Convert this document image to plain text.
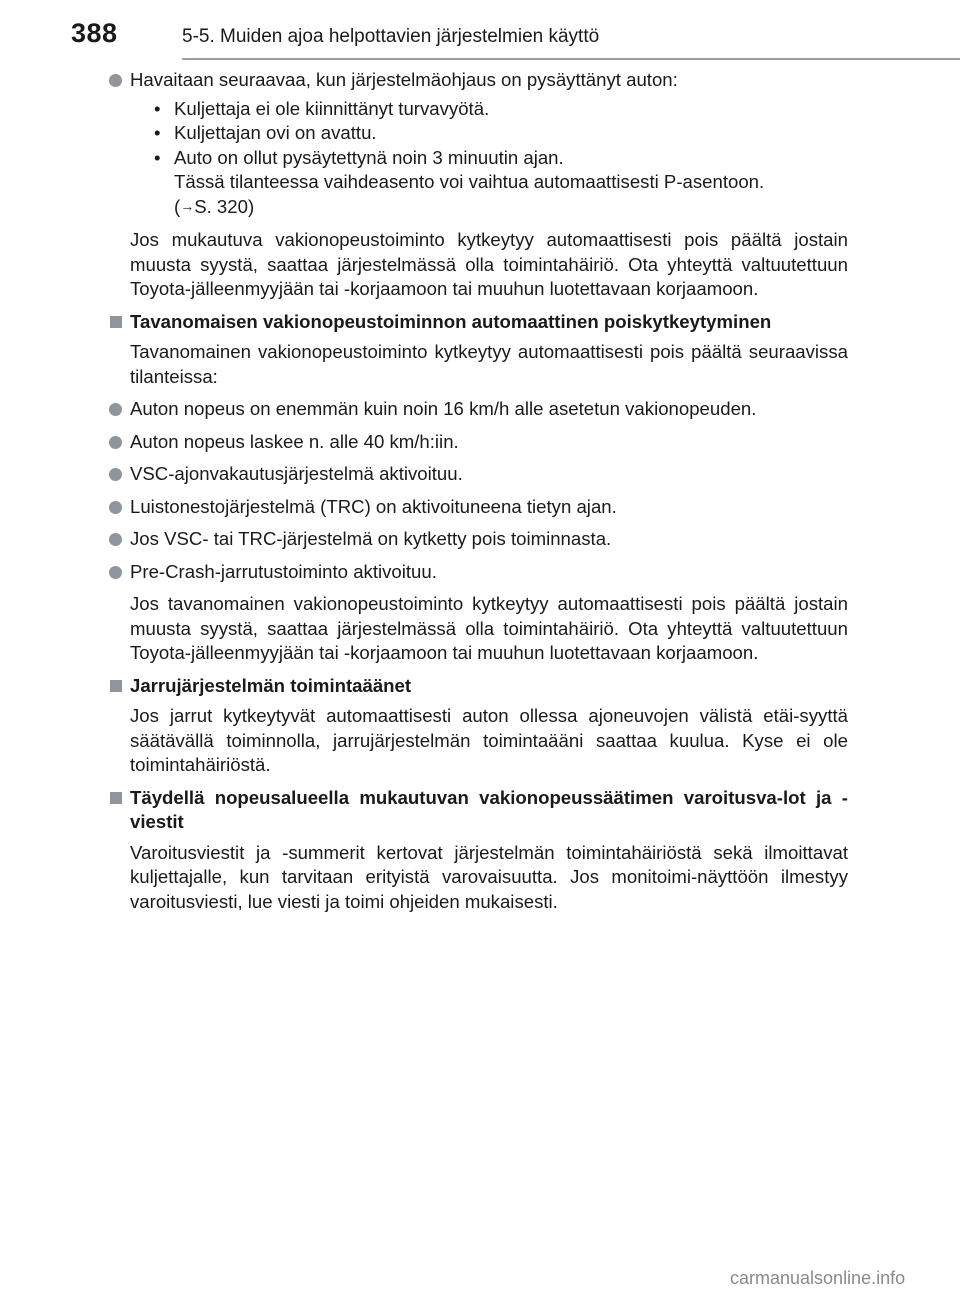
388	5-5. Muiden ajoa helpottavien järjestelmien käyttö
Havaitaan seuraavaa, kun järjestelmäohjaus on pysäyttänyt auton:
• Kuljettaja ei ole kiinnittänyt turvavyötä.
• Kuljettajan ovi on avattu.
• Auto on ollut pysäytettynä noin 3 minuutin ajan.
Tässä tilanteessa vaihdeasento voi vaihtua automaattisesti P-asentoon.
(→S. 320)
Jos mukautuva vakionopeustoiminto kytkeytyy automaattisesti pois päältä jostain muusta syystä, saattaa järjestelmässä olla toimintahäiriö. Ota yhteyttä valtuutettuun Toyota-jälleenmyyjään tai -korjaamoon tai muuhun luotettavaan korjaamoon.
Tavanomaisen vakionopeustoiminnon automaattinen poiskytkeytyminen
Tavanomainen vakionopeustoiminto kytkeytyy automaattisesti pois päältä seuraavissa tilanteissa:
Auton nopeus on enemmän kuin noin 16 km/h alle asetetun vakionopeuden.
Auton nopeus laskee n. alle 40 km/h:iin.
VSC-ajonvakautusjärjestelmä aktivoituu.
Luistonestojärjestelmä (TRC) on aktivoituneena tietyn ajan.
Jos VSC- tai TRC-järjestelmä on kytketty pois toiminnasta.
Pre-Crash-jarrutustoiminto aktivoituu.
Jos tavanomainen vakionopeustoiminto kytkeytyy automaattisesti pois päältä jostain muusta syystä, saattaa järjestelmässä olla toimintahäiriö. Ota yhteyttä valtuutettuun Toyota-jälleenmyyjään tai -korjaamoon tai muuhun luotettavaan korjaamoon.
Jarrujärjestelmän toimintaäänet
Jos jarrut kytkeytyvät automaattisesti auton ollessa ajoneuvojen välistä etäi-syyttä säätävällä toiminnolla, jarrujärjestelmän toimintaääni saattaa kuulua. Kyse ei ole toimintahäiriöstä.
Täydellä nopeusalueella mukautuvan vakionopeussäätimen varoitusva-lot ja -viestit
Varoitusviestit ja -summerit kertovat järjestelmän toimintahäiriöstä sekä ilmoittavat kuljettajalle, kun tarvitaan erityistä varovaisuutta. Jos monitoimi-näyttöön ilmestyy varoitusviesti, lue viesti ja toimi ohjeiden mukaisesti.
carmanualsonline.info
